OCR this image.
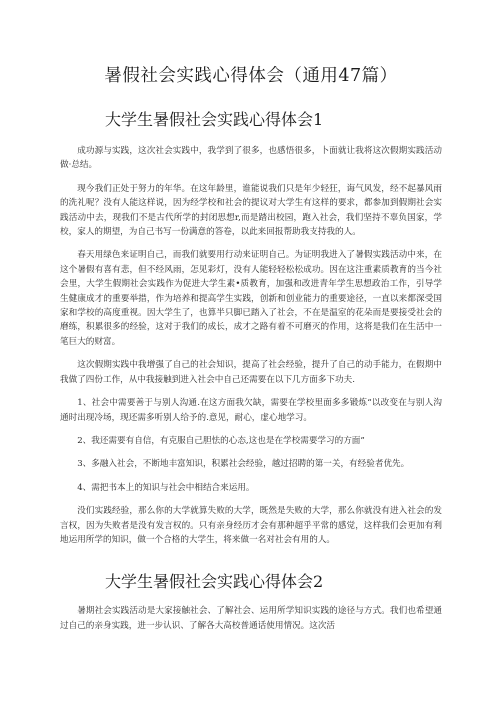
暑假社会实践心得体会（通用47篇）
大学生暑假社会实践心得体会1

成功源与实践，这次社会实践中，我学到了很多，也感悟很多，卜面就让我将这次假期实践活动做·总结。

现今我们正处于努力的年华。在这年龄里，谁能说我们只是年少轻狂，诲气风发，经不起暴风雨的洗礼呢？没有人能这样说，因为经学校和社会的提议对大学生有这样的要求，都参加到假期社会实践活动中去，现我们不是古代所学的封闭思想r,而是踏出校园，跑入社会，我们坚持不辜负国家，学校，家人的期望，为自己书写一份满意的答卷，以此来回报帮助我支持我的人。

春天用绿色来证明自己，而我们就要用行动来证明自己。为证明我进入了暑假实践活动中来，在这个暑假有喜有悲，但不经风雨，怎见彩灯，没有人能轻轻松松成功。因在这注重素质教育的当今社会里，大学生假期社会实践作为促进大学生素•质教育，加强和改进青年学生思想政治工作，引导学生健康成才的重要举措，作为培养和提高学生实践，创新和创业能力的重要途径，一直以来都深受国家和学校的高度重视。因大学生了，也算半只脚已踏入了社会，不在是温室的花朵而是要接受社会的磨练，积累很多的经验，这对于我们的成长，成才之路有着不可磨灭的作用，这将是我们在生活中一笔巨大的财富。

这次假期实践中我增强了自己的社会知识，提高了社会经验，提升了自己的动手能力，在假期中我做了四份工作，从中我接触到进入社会中自己还需要在以下几方面多下功夫.

1、社会中需要善于与别人沟通.在这方面我欠缺，需要在学校里面多多锻炼“以改变在与别人沟通时出现冷场，现还需多听别人给予的.意见，耐心，虚心地学习。

2、我还需要有自信，有克服自己胆怯的心态,这也是在学校需要学习的方面”

3、多融入社会，不断地丰富知识，积累社会经验，越过招聘的第一关，有经验者优先。

4、需把书本上的知识与社会中相结合来运用。

没们实践经验，那么你的大学就算失败的大学，既然是失败的大学，那么你就没有进入社会的发言权，因为失败者是没有发言权的。只有亲身经历才会有那种超乎平常的感觉，这样我们会更加有利地运用所学的知识，做一个合格的大学生，将来做一名对社会有用的人。

大学生暑假社会实践心得体会2

暑期社会实践活动是大家接触社会、了解社会、运用所学知识实践的途径与方式。我们也希望通过自己的亲身实践，进一步认识、了解各大高校普通话使用情况。这次活
